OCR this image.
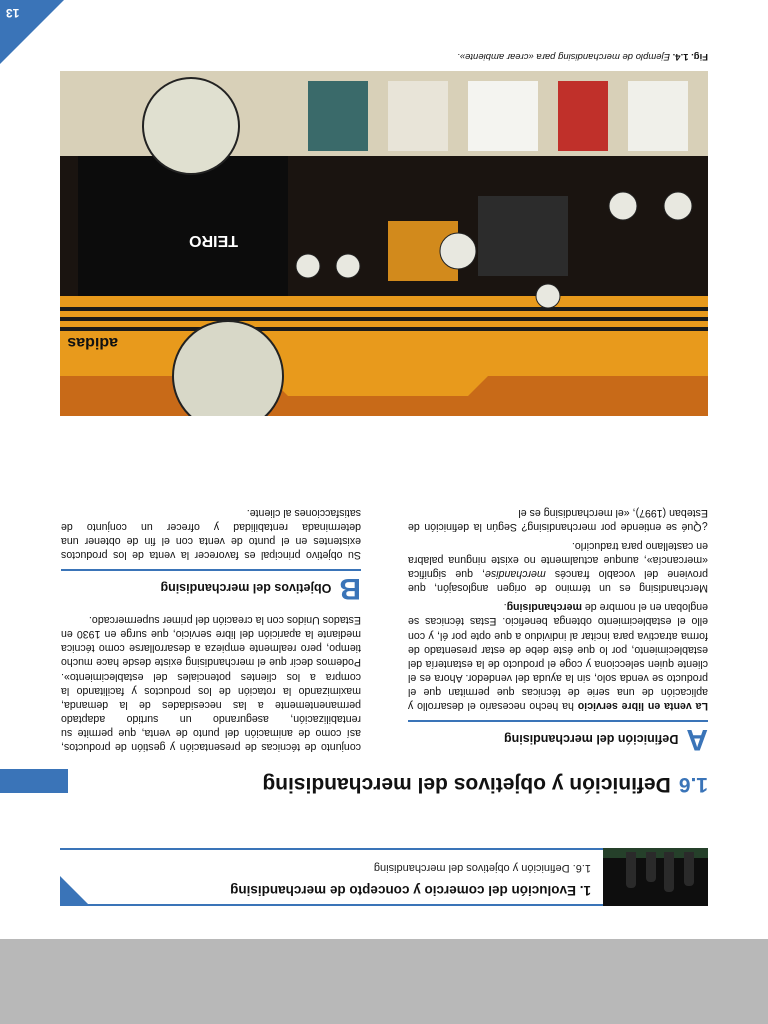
1. Evolución del comercio y concepto de merchandising
1.6. Definición y objetivos del merchandising
1.6Definición y objetivos del merchandising
A
Definición del merchandising

La venta en libre servicio ha hecho necesario el desarrollo y aplicación de una serie de técnicas que permitan que el producto se venda solo, sin la ayuda del vendedor. Ahora es el cliente quien selecciona y coge el producto de la estantería del establecimiento, por lo que éste debe de estar presentado de forma atractiva para incitar al individuo a que opte por él, y con ello el establecimiento obtenga beneficio. Estas técnicas se engloban en el nombre de merchandising.

Merchandising es un término de origen anglosajón, que proviene del vocablo francés merchandise, que significa «mercancía», aunque actualmente no existe ninguna palabra en castellano para traducirlo.

¿Qué se entiende por merchandising? Según la definición de Esteban (1997), «el merchandising es el

conjunto de técnicas de presentación y gestión de productos, así como de animación del punto de venta, que permite su rentabilización, asegurando un surtido adaptado permanentemente a las necesidades de la demanda, maximizando la rotación de los productos y facilitando la compra a los clientes potenciales del establecimiento». Podemos decir que el merchandising existe desde hace mucho tiempo, pero realmente empieza a desarrollarse como técnica mediante la aparición del libre servicio, que surge en 1930 en Estados Unidos con la creación del primer supermercado.

B
Objetivos del merchandising

Su objetivo principal es favorecer la venta de los productos existentes en el punto de venta con el fin de obtener una determinada rentabilidad y ofrecer un conjunto de satisfacciones al cliente.

adidas
TEIRO
Fig. 1.4. Ejemplo de merchandising para «crear ambiente».
13
